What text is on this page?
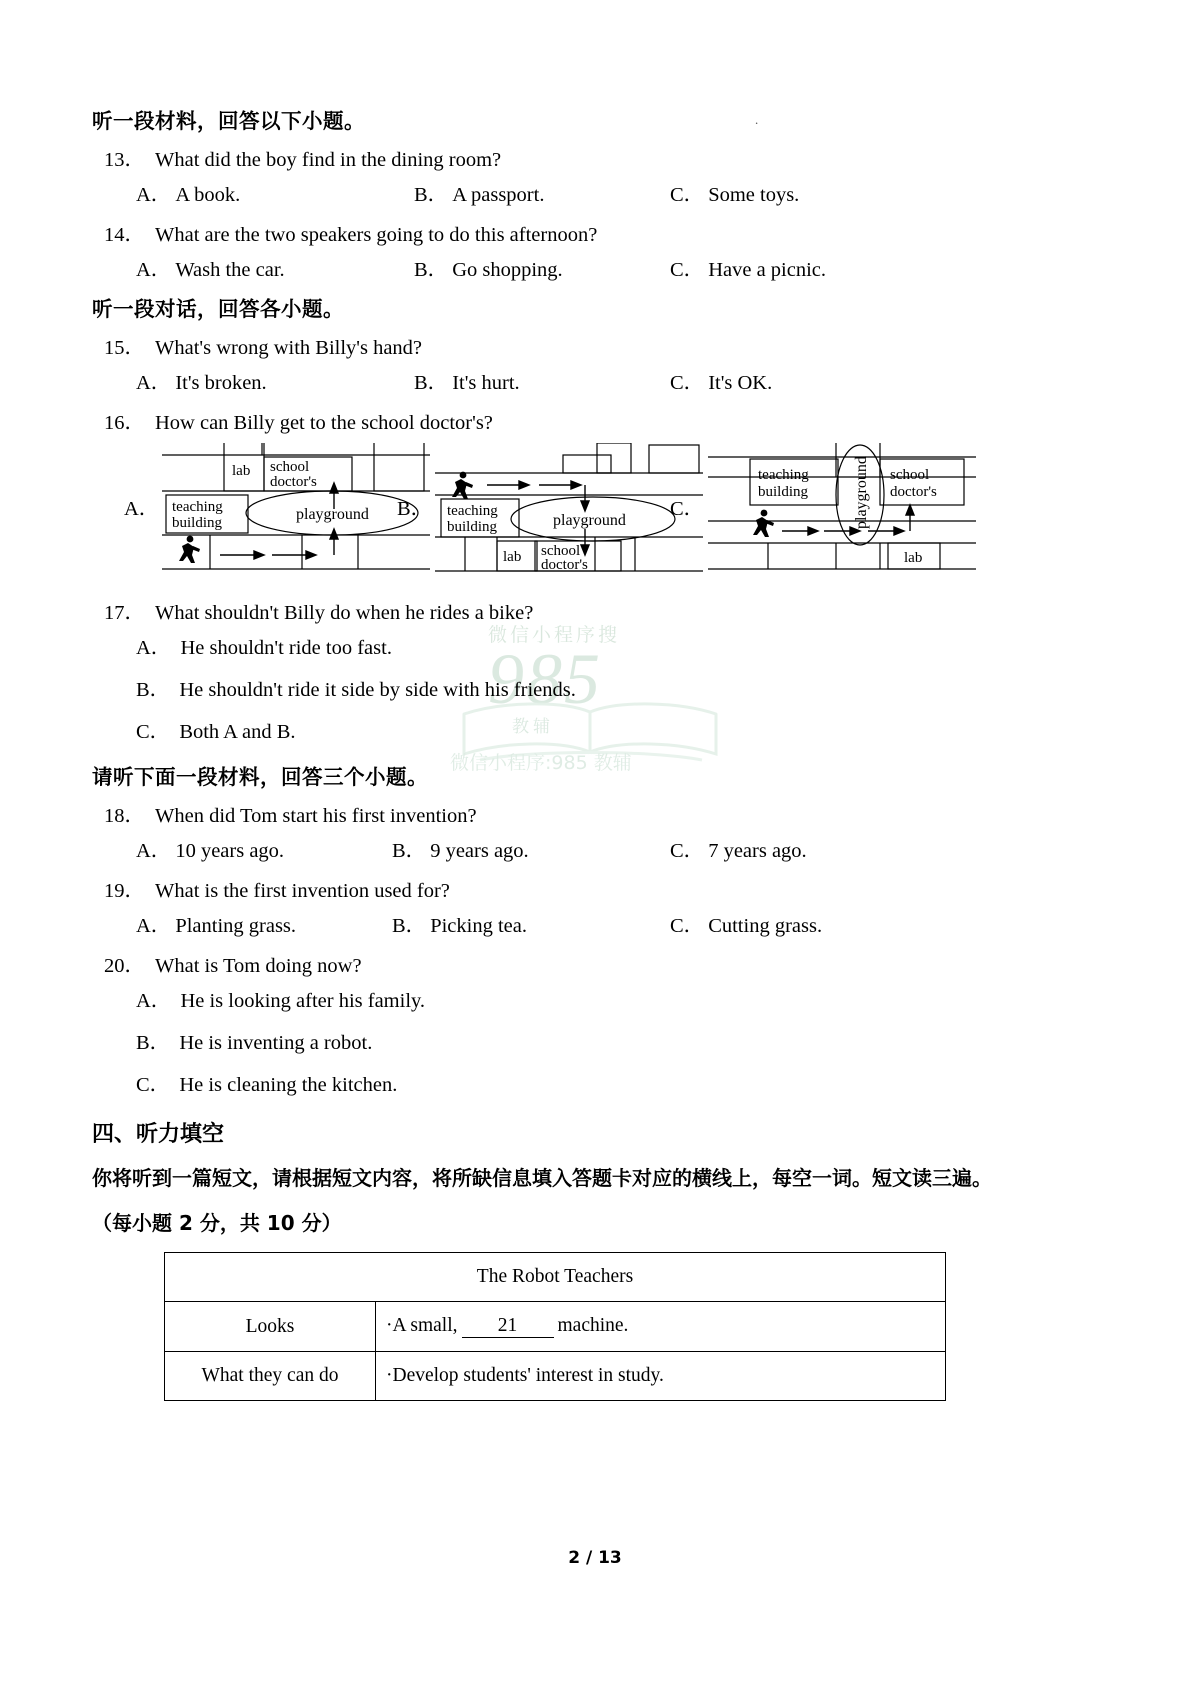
.
微信小程序搜
985
教辅
微信小程序:985 教辅
听一段材料，回答以下小题。
13． What did the boy find in the dining room?
A． A book.	B． A passport.	C． Some toys.
14． What are the two speakers going to do this afternoon?
A． Wash the car.	B． Go shopping.	C． Have a picnic.
听一段对话，回答各小题。
15． What's wrong with Billy's hand?
A． It's broken.	B． It's hurt.	C． It's OK.
16． How can Billy get to the school doctor's?
A．
lab school
doctor's
teaching
building	playground B． teaching
building	playground
lab school
doctor's
C．
teaching
building
school
doctor's
lab
playground
17． What shouldn't Billy do when he rides a bike?
A． He shouldn't ride too fast.
B． He shouldn't ride it side by side with his friends.
C． Both A and B.
请听下面一段材料，回答三个小题。
18． When did Tom start his first invention?
A． 10 years ago.	B． 9 years ago.	C． 7 years ago.
19． What is the first invention used for?
A． Planting grass.	B． Picking tea.	C． Cutting grass.
20． What is Tom doing now?
A． He is looking after his family.
B． He is inventing a robot.
C． He is cleaning the kitchen.
四、听力填空
你将听到一篇短文，请根据短文内容，将所缺信息填入答题卡对应的横线上，每空一词。短文读三遍。
（每小题 2 分，共 10 分）
The Robot Teachers	
Looks	·A small, 21 machine.
What they can do	·Develop students' interest in study.
2 / 13
